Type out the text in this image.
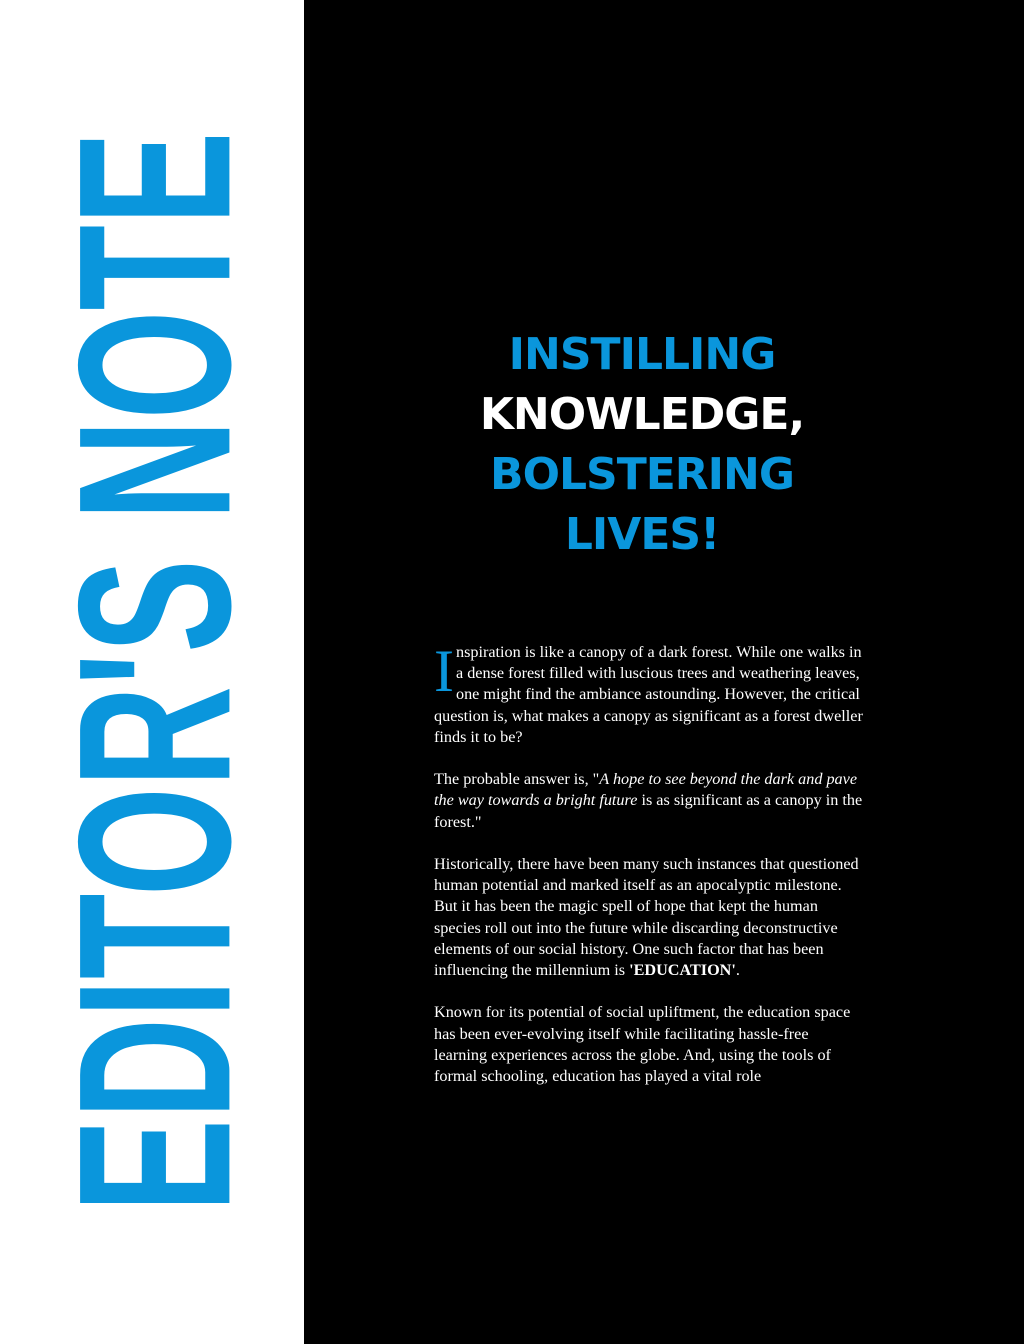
EDITOR'S NOTE	INSTILLING
KNOWLEDGE,
BOLSTERING
LIVES!

Inspiration is like a canopy of a dark forest. While one walks in a dense forest filled with luscious trees and weathering leaves, one might find the ambiance astounding. However, the critical question is, what makes a canopy as significant as a forest dweller finds it to be?

The probable answer is, "A hope to see beyond the dark and pave the way towards a bright future is as significant as a canopy in the forest."

Historically, there have been many such instances that questioned human potential and marked itself as an apocalyptic milestone. But it has been the magic spell of hope that kept the human species roll out into the future while discarding deconstructive elements of our social history. One such factor that has been influencing the millennium is 'EDUCATION'.

Known for its potential of social upliftment, the education space has been ever-evolving itself while facilitating hassle-free learning experiences across the globe. And, using the tools of formal schooling, education has played a vital role
